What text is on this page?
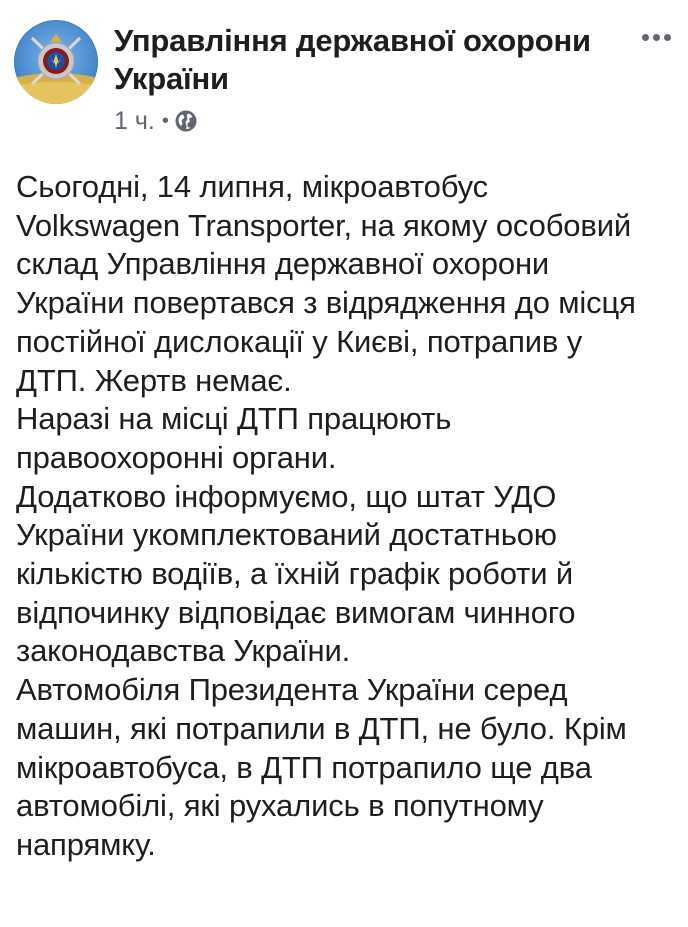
Управління державної охорони України
1 ч. •
Сьогодні, 14 липня, мікроавтобус
Volkswagen Transporter, на якому особовий
склад Управління державної охорони
України повертався з відрядження до місця
постійної дислокації у Києві, потрапив у
ДТП. Жертв немає.
Наразі на місці ДТП працюють
правоохоронні органи.
Додатково інформуємо, що штат УДО
України укомплектований достатньою
кількістю водіїв, а їхній графік роботи й
відпочинку відповідає вимогам чинного
законодавства України.
Автомобіля Президента України серед
машин, які потрапили в ДТП, не було. Крім
мікроавтобуса, в ДТП потрапило ще два
автомобілі, які рухались в попутному
напрямку.
